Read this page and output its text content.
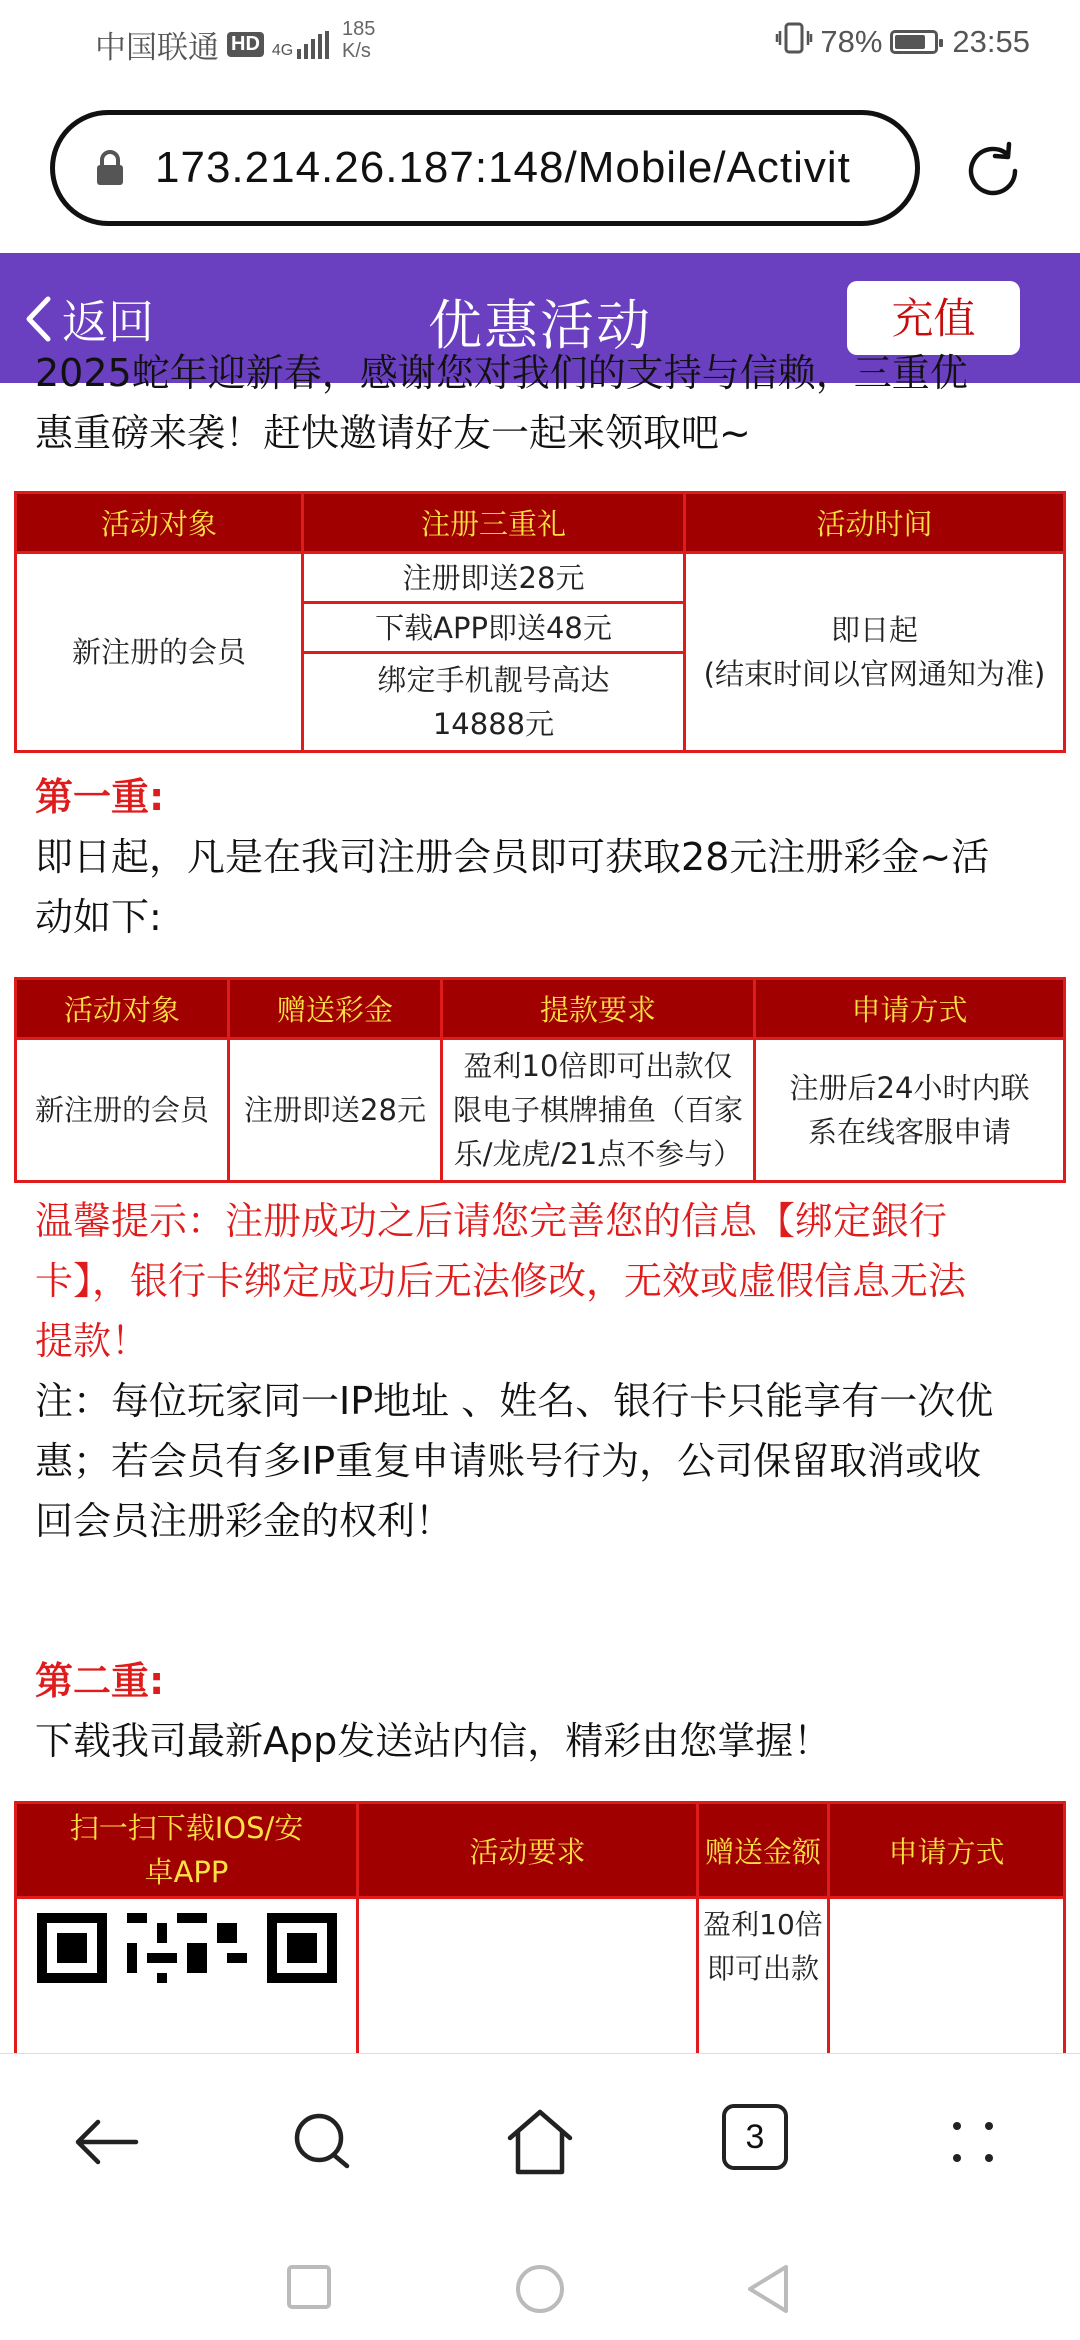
中国联通 HD 4G
185
K/s	78% 23:55
173.214.26.187:148/Mobile/Activit
返回	优惠活动	充值

2025蛇年迎新春，感谢您对我们的支持与信赖，三重优

惠重磅来袭！赶快邀请好友一起来领取吧~

活动对象	注册三重礼	活动时间
新注册的会员	注册即送28元	即日起
(结束时间以官网通知为准)

	下载APP即送48元	
	绑定手机靓号高达14888元	

第一重:

即日起，凡是在我司注册会员即可获取28元注册彩金~活

动如下:

活动对象	赠送彩金	提款要求	申请方式
新注册的会员	注册即送28元	盈利10倍即可出款仅限电子棋牌捕鱼（百家乐/龙虎/21点不参与）	注册后24小时内联系在线客服申请

温馨提示：注册成功之后请您完善您的信息【绑定銀行

卡】，银行卡绑定成功后无法修改，无效或虚假信息无法

提款！

注：每位玩家同一IP地址 、姓名、银行卡只能享有一次优

惠；若会员有多IP重复申请账号行为，公司保留取消或收

回会员注册彩金的权利！

第二重:

下载我司最新App发送站内信，精彩由您掌握！

扫一扫下载IOS/安卓APP	活动要求	赠送金额	申请方式
		盈利10倍即可出款	
3
